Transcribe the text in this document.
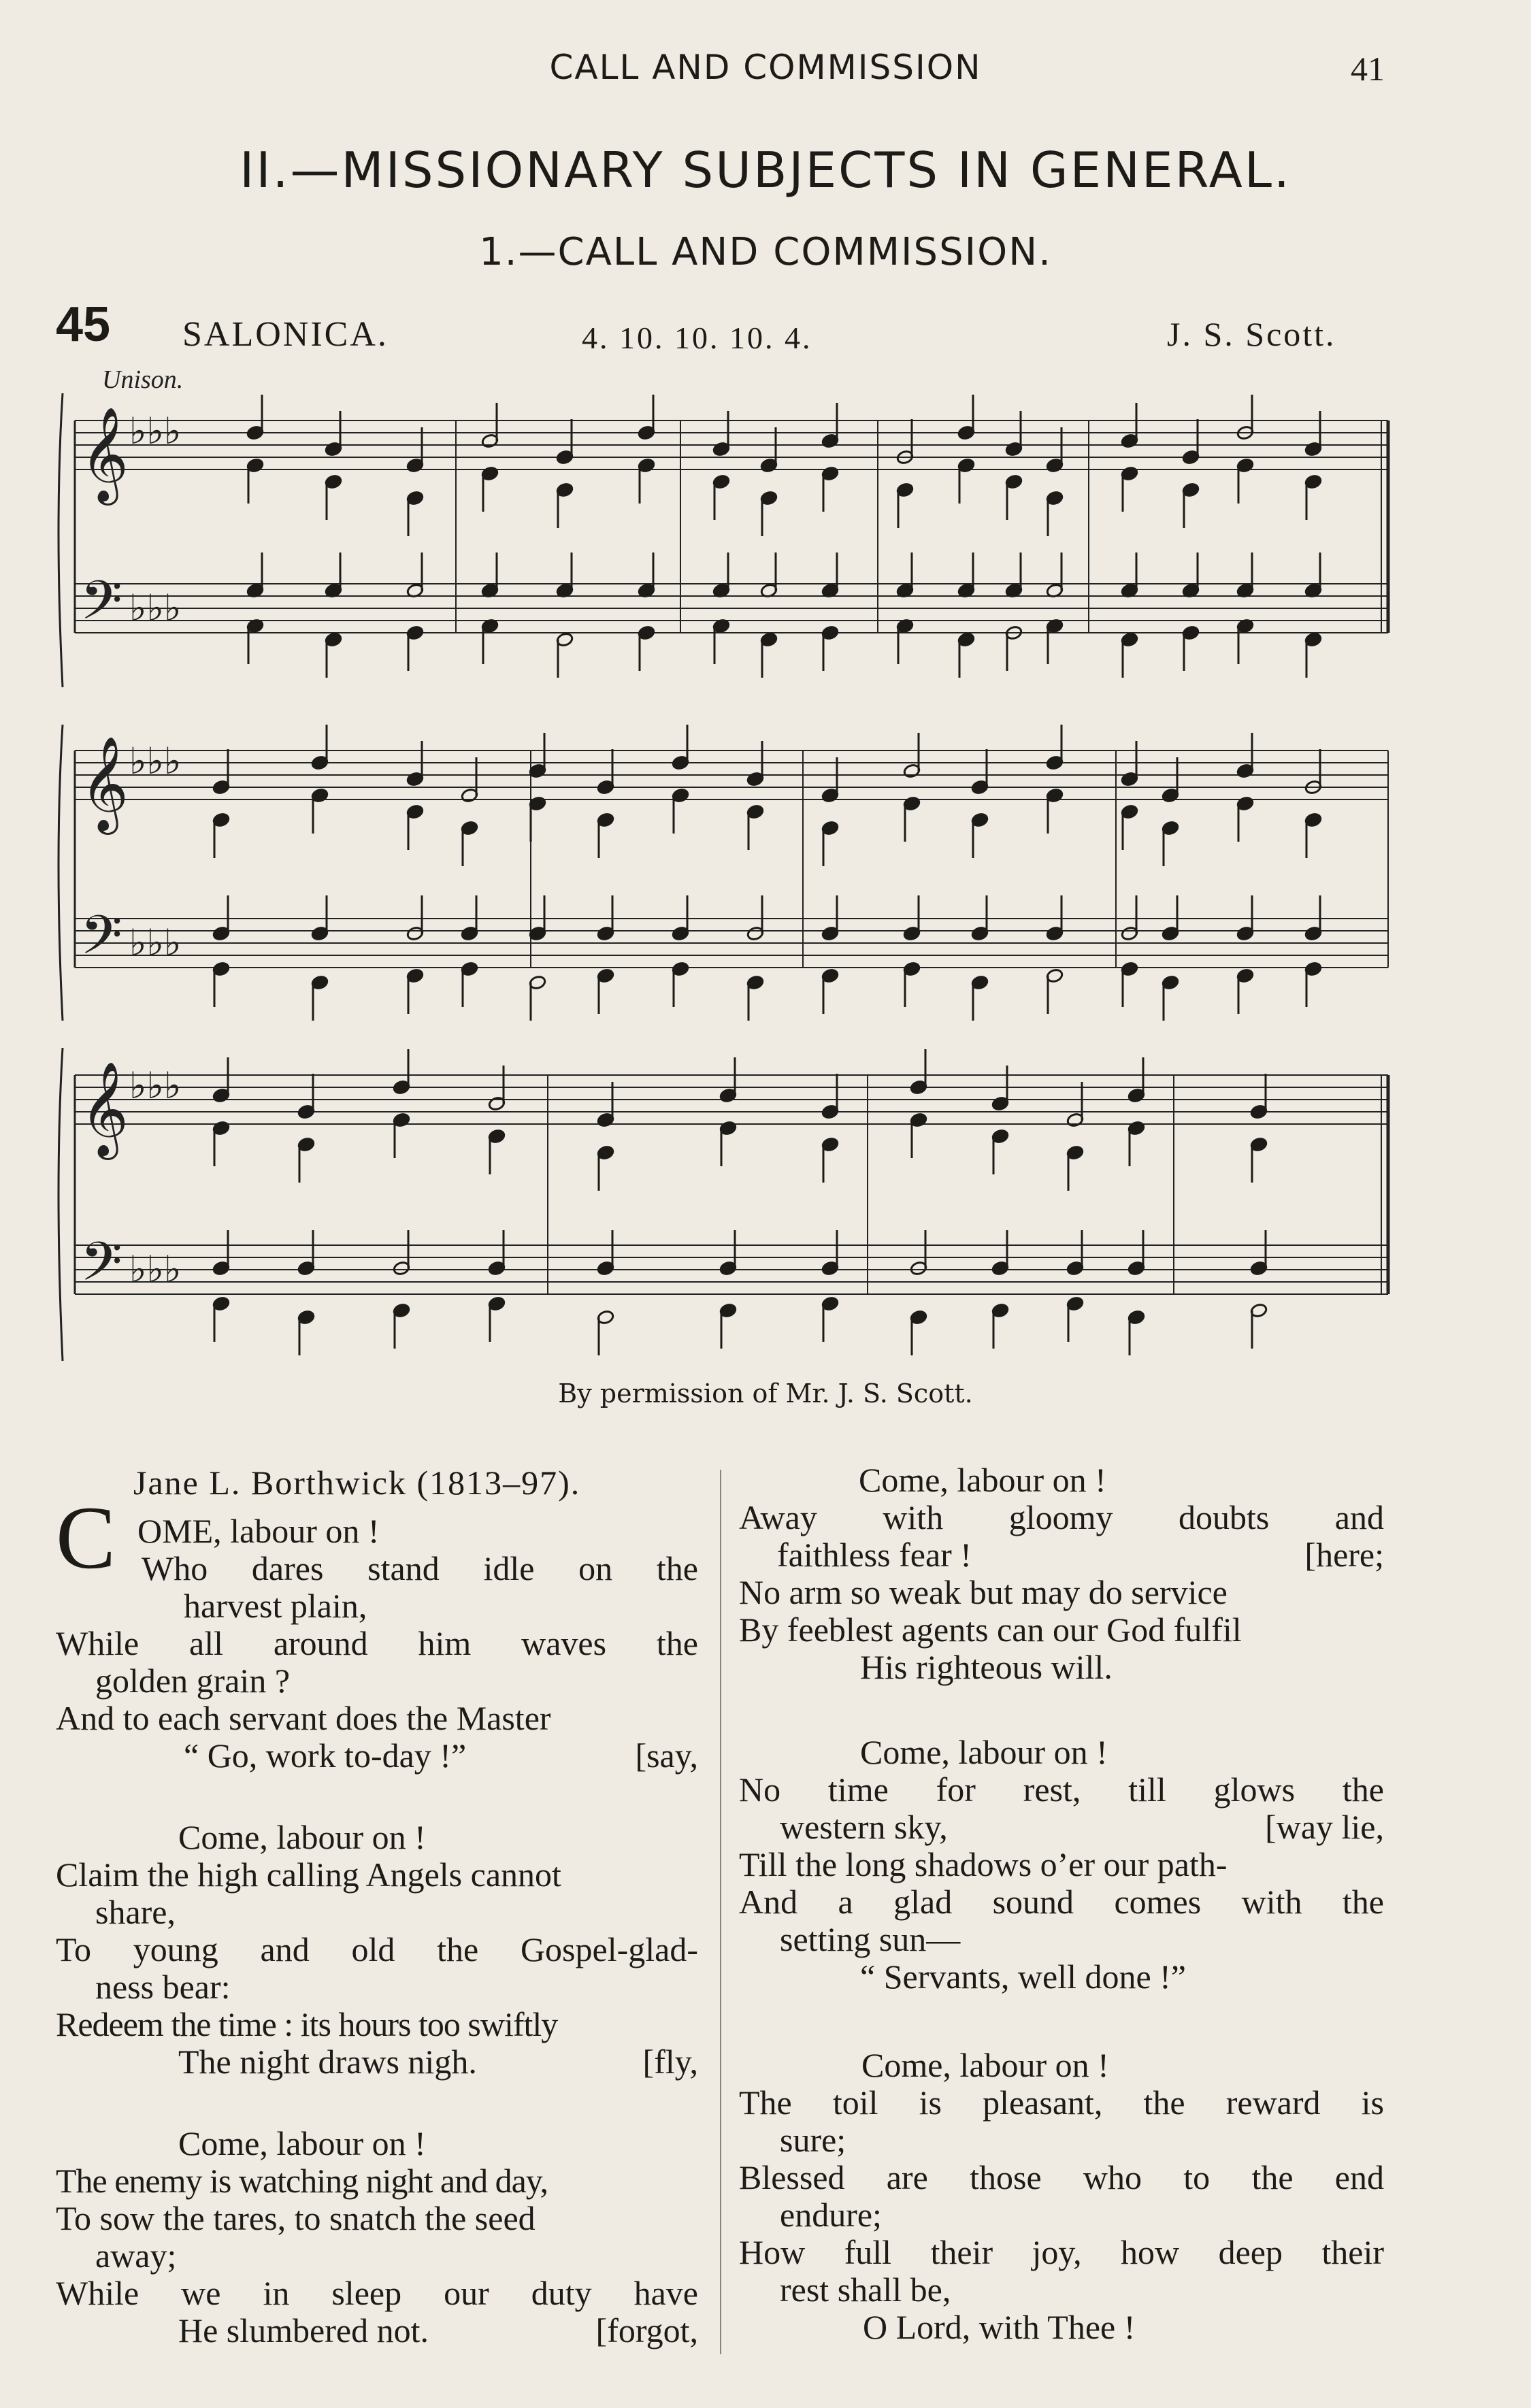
CALL AND COMMISSION	41
II.—MISSIONARY SUBJECTS IN GENERAL.
1.—CALL AND COMMISSION.
45 SALONICA.	4. 10. 10. 10. 4.	J. S. Scott.
𝄞
𝄢
𝄞
𝄢
𝄞
𝄢
♭♭♭
♭♭♭
♭♭♭
♭♭♭
♭♭♭
♭♭♭
Unison.
By permission of Mr. J. S. Scott.
Jane L. Borthwick (1813–97).
C OME, labour on !
Who dares stand idle on the
harvest plain,
While all around him waves the
golden grain ?
And to each servant does the Master
“ Go, work to-day !”	[say,
Come, labour on !
Claim the high calling Angels cannot
share,
To young and old the Gospel-glad-
ness bear:
Redeem the time : its hours too swiftly
The night draws nigh.	[fly,
Come, labour on !
The enemy is watching night and day,
To sow the tares, to snatch the seed
away;
While we in sleep our duty have
He slumbered not.	[forgot,
Come, labour on !
Away with gloomy doubts and
faithless fear !	[here;
No arm so weak but may do service
By feeblest agents can our God fulfil
His righteous will.
Come, labour on !
No time for rest, till glows the
western sky,	[way lie,
Till the long shadows o’er our path-
And a glad sound comes with the
setting sun—
“ Servants, well done !”
Come, labour on !
The toil is pleasant, the reward is
sure;
Blessed are those who to the end
endure;
How full their joy, how deep their
rest shall be,
O Lord, with Thee !
